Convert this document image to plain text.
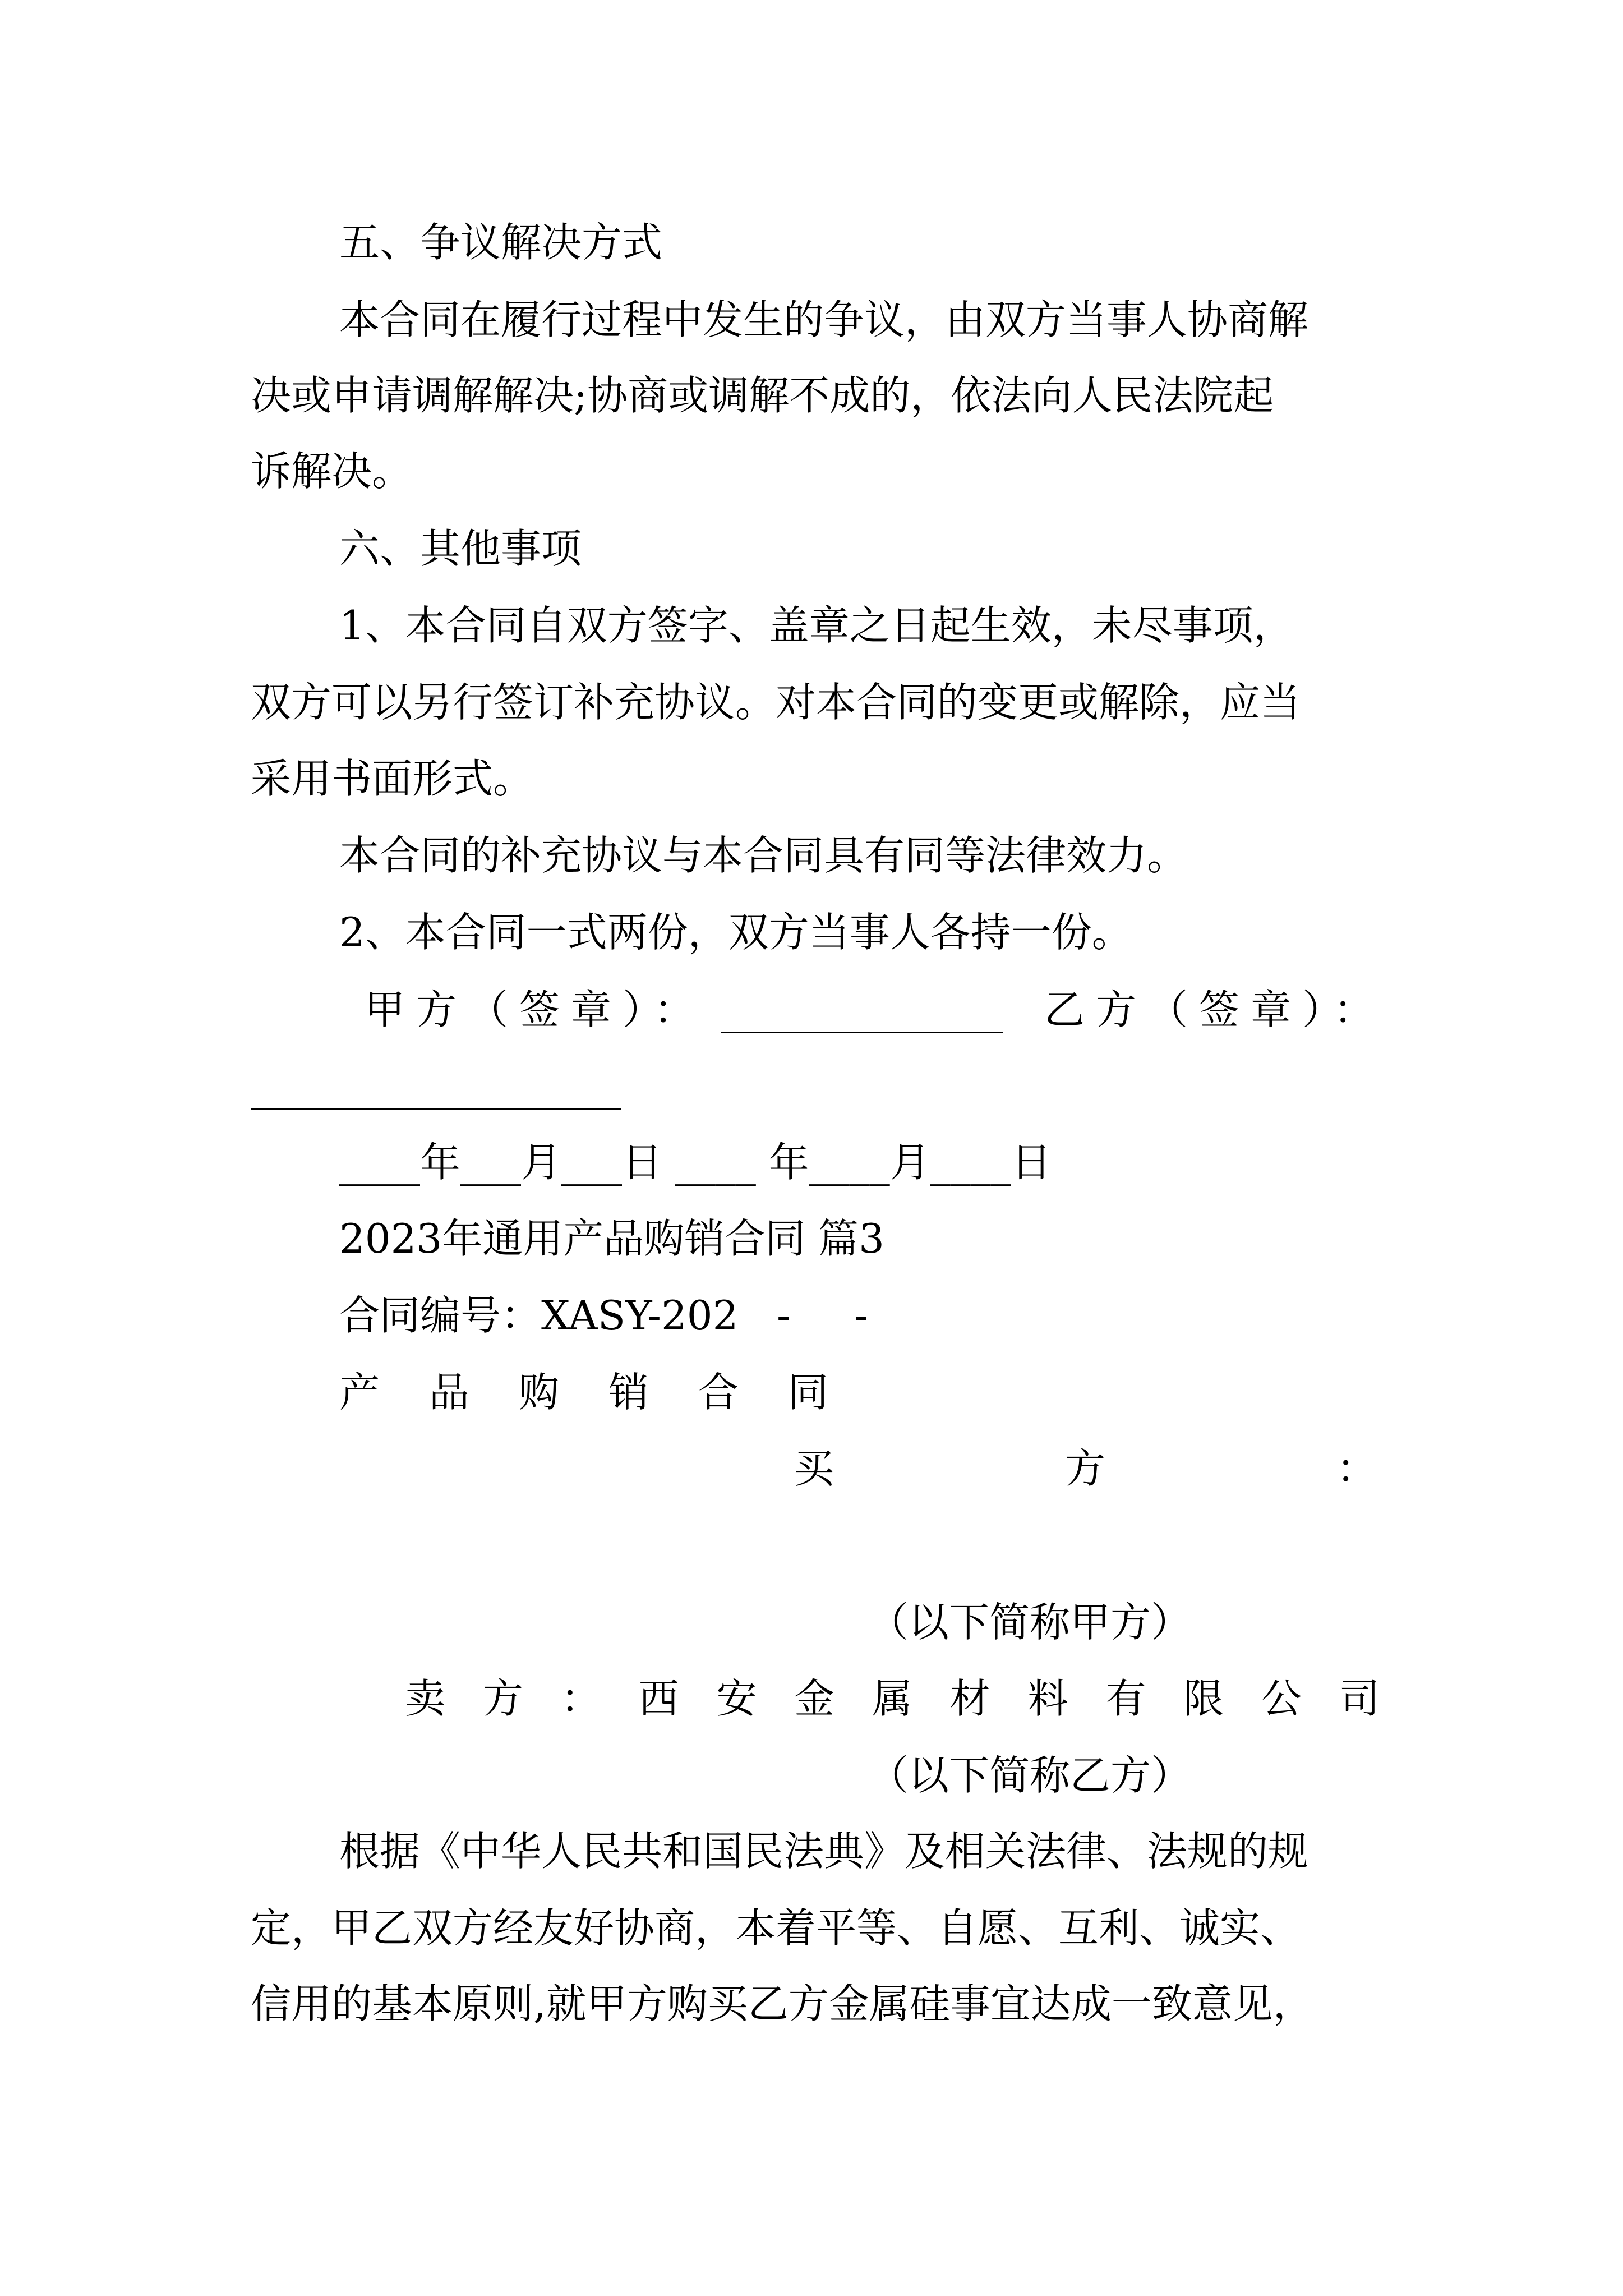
五、争议解决方式
本合同在履行过程中发生的争议，由双方当事人协商解
决或申请调解解决;协商或调解不成的，依法向人民法院起
诉解决。
六、其他事项
1、本合同自双方签字、盖章之日起生效，未尽事项，
双方可以另行签订补充协议。对本合同的变更或解除，应当
采用书面形式。
本合同的补充协议与本合同具有同等法律效力。
2、本合同一式两份，双方当事人各持一份。
甲方（签章）： ______________ 乙方（签章）：
____年___月___日 ____ 年____月____日
2023年通用产品购销合同 篇3
合同编号：XASY-202   -     -
产品购销合同
买	方	：
（以下简称甲方）
卖 方 ： 西 安 金 属 材 料 有 限 公 司
（以下简称乙方）
根据《中华人民共和国民法典》及相关法律、法规的规
定，甲乙双方经友好协商，本着平等、自愿、互利、诚实、
信用的基本原则,就甲方购买乙方金属硅事宜达成一致意见，
